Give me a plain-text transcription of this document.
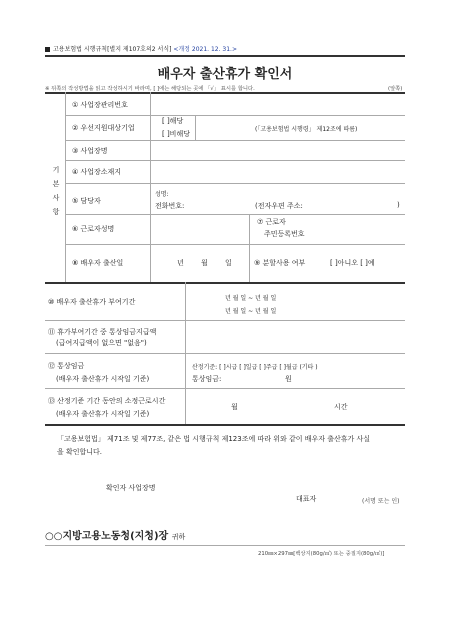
고용보험법 시행규칙[별지 제107호의2 서식] <개정 2021. 12. 31.>
배우자 출산휴가 확인서
※ 뒤쪽의 작성방법을 읽고 작성하시기 바라며, [ ]에는 해당되는 곳에 「√」 표시를 합니다.	(앞쪽)
기
본
사
항
① 사업장관리번호
② 우선지원대상기업
[ ]해당
[ ]비해당
(「고용보험법 시행령」 제12조에 따름)
③ 사업장명
④ 사업장소재지
⑤ 담당자
성명:
전화번호:	(전자우편 주소:	)
⑥ 근로자성명
⑦ 근로자
주민등록번호
⑧ 배우자 출산일	년 월 일	⑨ 분할사용 여부	[ ]아니오 [ ]예
⑩ 배우자 출산휴가 부여기간	년 월 일 ~ 년 월 일
년 월 일 ~ 년 월 일
⑪ 휴가부여기간 중 통상임금지급액
(급여지급액이 없으면 "없음")
⑫ 통상임금
(배우자 출산휴가 시작일 기준)
산정기준: [ ]시급 [ ]일급 [ ]주급 [ ]월급 (기타 )
통상임금:	원
⑬ 산정기준 기간 동안의 소정근로시간
(배우자 출산휴가 시작일 기준)
월	시간
「고용보험법」 제71조 및 제77조, 같은 법 시행규칙 제123조에 따라 위와 같이 배우자 출산휴가 사실
을 확인합니다.
확인자 사업장명
대표자	(서명 또는 인)
○○지방고용노동청(지청)장 귀하
210㎜×297㎜[백상지(80g/㎡) 또는 중질지(80g/㎡)]
